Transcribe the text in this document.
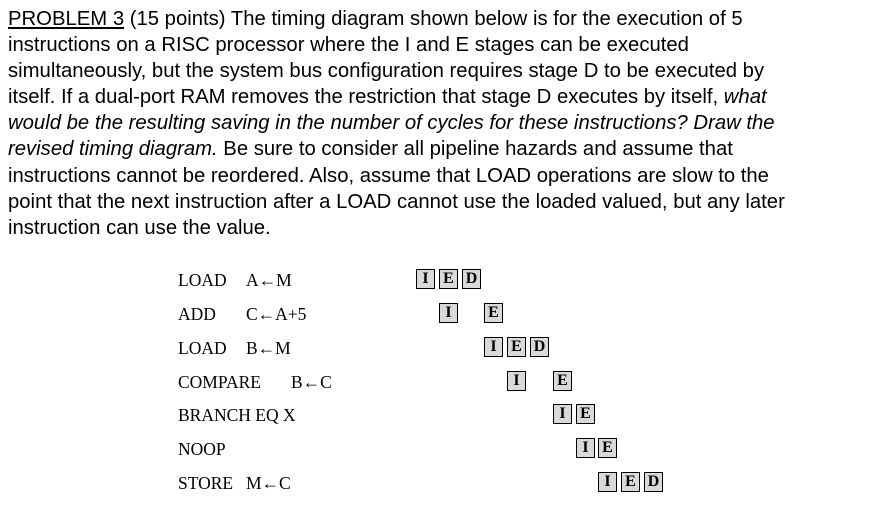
PROBLEM 3 (15 points) The timing diagram shown below is for the execution of 5
instructions on a RISC processor where the I and E stages can be executed
simultaneously, but the system bus configuration requires stage D to be executed by
itself. If a dual-port RAM removes the restriction that stage D executes by itself, what
would be the resulting saving in the number of cycles for these instructions? Draw the
revised timing diagram. Be sure to consider all pipeline hazards and assume that
instructions cannot be reordered. Also, assume that LOAD operations are slow to the
point that the next instruction after a LOAD cannot use the loaded valued, but any later
instruction can use the value.

LOAD A←M	I E D
ADD C←A+5	I	E
LOAD B←M	I E D
COMPARE B←C	I	E
BRANCH EQ X	I E
NOOP	I E
STORE M←C	I E D
